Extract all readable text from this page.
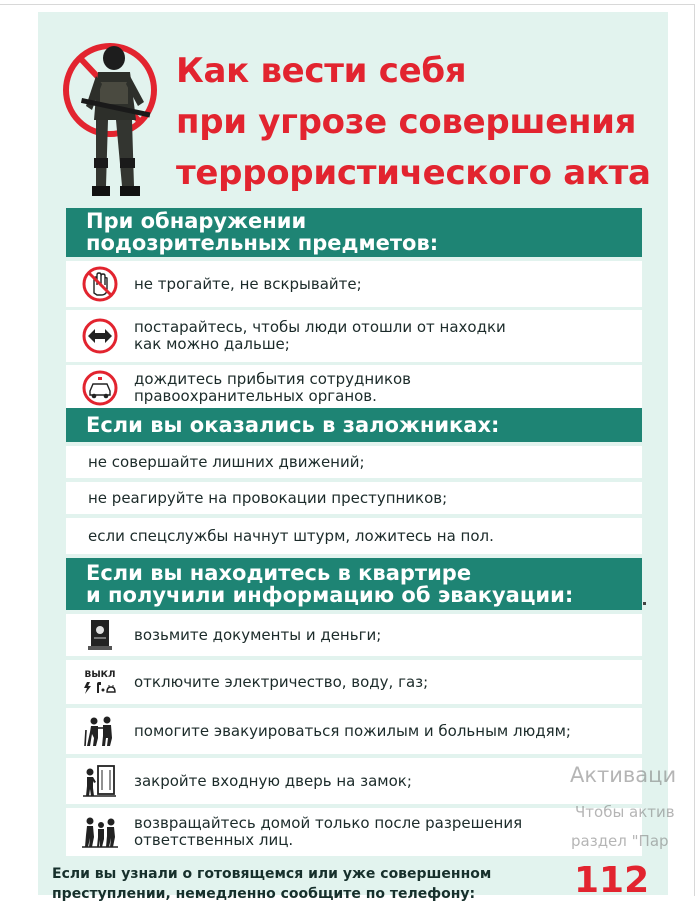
Как вести себя
при угрозе совершения
террористического акта
При обнаружении
подозрительных предметов:
не трогайте, не вскрывайте;
постарайтесь, чтобы люди отошли от находки
как можно дальше;
дождитесь прибытия сотрудников
правоохранительных органов.
Если вы оказались в заложниках:
не совершайте лишних движений;
не реагируйте на провокации преступников;
если спецслужбы начнут штурм, ложитесь на пол.
Если вы находитесь в квартире
и получили информацию об эвакуации:
возьмите документы и деньги;
ВЫКЛ отключите электричество, воду, газ;
помогите эвакуироваться пожилым и больным людям;
закройте входную дверь на замок;
возвращайтесь домой только после разрешения
ответственных лиц.
Если вы узнали о готовящемся или уже совершенном
преступлении, немедленно сообщите по телефону:	112
Активаци
Чтобы актив
раздел "Пар
